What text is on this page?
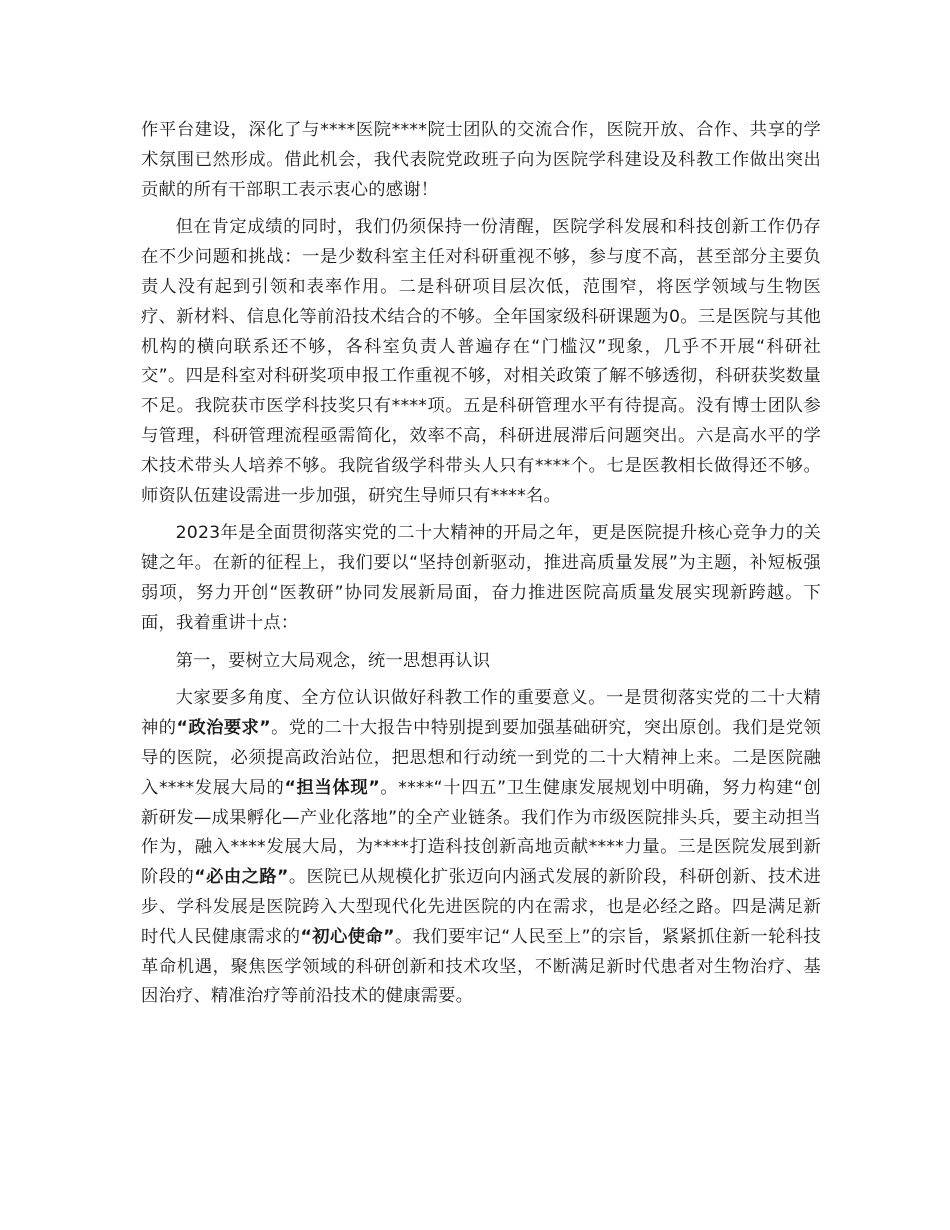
作平台建设，深化了与****医院****院士团队的交流合作，医院开放、合作、共享的学术氛围已然形成。借此机会，我代表院党政班子向为医院学科建设及科教工作做出突出贡献的所有干部职工表示衷心的感谢！

但在肯定成绩的同时，我们仍须保持一份清醒，医院学科发展和科技创新工作仍存在不少问题和挑战：一是少数科室主任对科研重视不够，参与度不高，甚至部分主要负责人没有起到引领和表率作用。二是科研项目层次低，范围窄，将医学领域与生物医疗、新材料、信息化等前沿技术结合的不够。全年国家级科研课题为0。三是医院与其他机构的横向联系还不够，各科室负责人普遍存在“门槛汉”现象，几乎不开展“科研社交”。四是科室对科研奖项申报工作重视不够，对相关政策了解不够透彻，科研获奖数量不足。我院获市医学科技奖只有****项。五是科研管理水平有待提高。没有博士团队参与管理，科研管理流程亟需简化，效率不高，科研进展滞后问题突出。六是高水平的学术技术带头人培养不够。我院省级学科带头人只有****个。七是医教相长做得还不够。师资队伍建设需进一步加强，研究生导师只有****名。

2023年是全面贯彻落实党的二十大精神的开局之年，更是医院提升核心竞争力的关键之年。在新的征程上，我们要以“坚持创新驱动，推进高质量发展”为主题，补短板强弱项，努力开创“医教研”协同发展新局面，奋力推进医院高质量发展实现新跨越。下面，我着重讲十点：

第一，要树立大局观念，统一思想再认识

大家要多角度、全方位认识做好科教工作的重要意义。一是贯彻落实党的二十大精神的“政治要求”。党的二十大报告中特别提到要加强基础研究，突出原创。我们是党领导的医院，必须提高政治站位，把思想和行动统一到党的二十大精神上来。二是医院融入****发展大局的“担当体现”。****“十四五”卫生健康发展规划中明确，努力构建“创新研发—成果孵化—产业化落地”的全产业链条。我们作为市级医院排头兵，要主动担当作为，融入****发展大局，为****打造科技创新高地贡献****力量。三是医院发展到新阶段的“必由之路”。医院已从规模化扩张迈向内涵式发展的新阶段，科研创新、技术进步、学科发展是医院跨入大型现代化先进医院的内在需求，也是必经之路。四是满足新时代人民健康需求的“初心使命”。我们要牢记“人民至上”的宗旨，紧紧抓住新一轮科技革命机遇，聚焦医学领域的科研创新和技术攻坚，不断满足新时代患者对生物治疗、基因治疗、精准治疗等前沿技术的健康需要。
